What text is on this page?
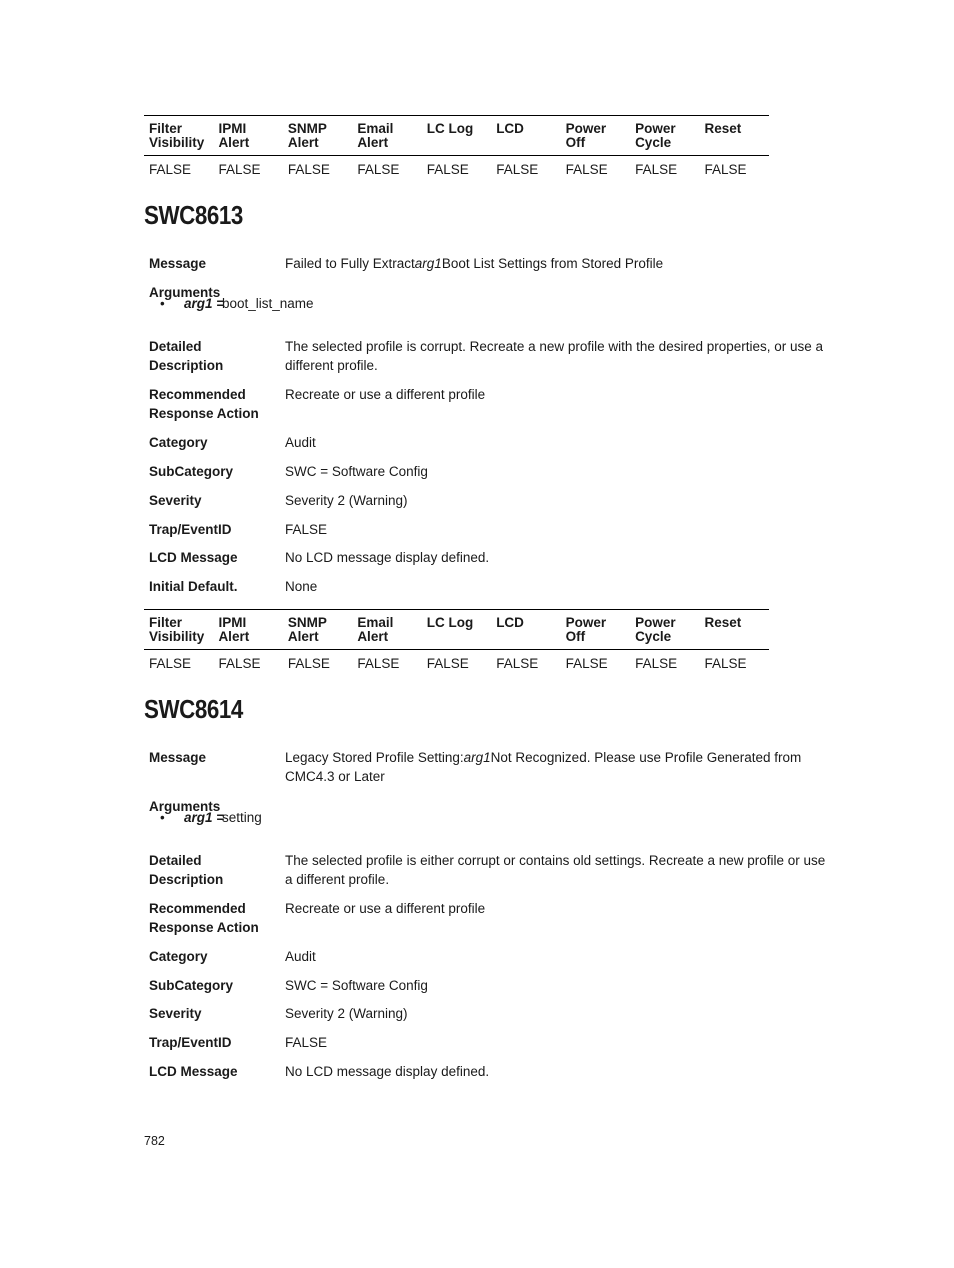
Filter Visibility	IPMI Alert	SNMP Alert	Email Alert	LC Log	LCD	Power Off	Power Cycle	Reset
FALSE	FALSE	FALSE	FALSE	FALSE	FALSE	FALSE	FALSE	FALSE
SWC8613
Message	Failed to Fully Extractarg1Boot List Settings from Stored Profile
Arguments
• arg1 =
boot_list_name
Detailed Description
The selected profile is corrupt. Recreate a new profile with the desired properties, or use a different profile.
Recommended Response Action
Recreate or use a different profile
Category	Audit
SubCategory	SWC = Software Config
Severity	Severity 2 (Warning)
Trap/EventID	FALSE
LCD Message	No LCD message display defined.
Initial Default.	None
Filter Visibility	IPMI Alert	SNMP Alert	Email Alert	LC Log	LCD	Power Off	Power Cycle	Reset
FALSE	FALSE	FALSE	FALSE	FALSE	FALSE	FALSE	FALSE	FALSE
SWC8614
Message	Legacy Stored Profile Setting:arg1Not Recognized. Please use Profile Generated from CMC4.3 or Later
Arguments
• arg1 =
setting
Detailed Description
The selected profile is either corrupt or contains old settings. Recreate a new profile or use a different profile.
Recommended Response Action
Recreate or use a different profile
Category	Audit
SubCategory	SWC = Software Config
Severity	Severity 2 (Warning)
Trap/EventID	FALSE
LCD Message	No LCD message display defined.
782
